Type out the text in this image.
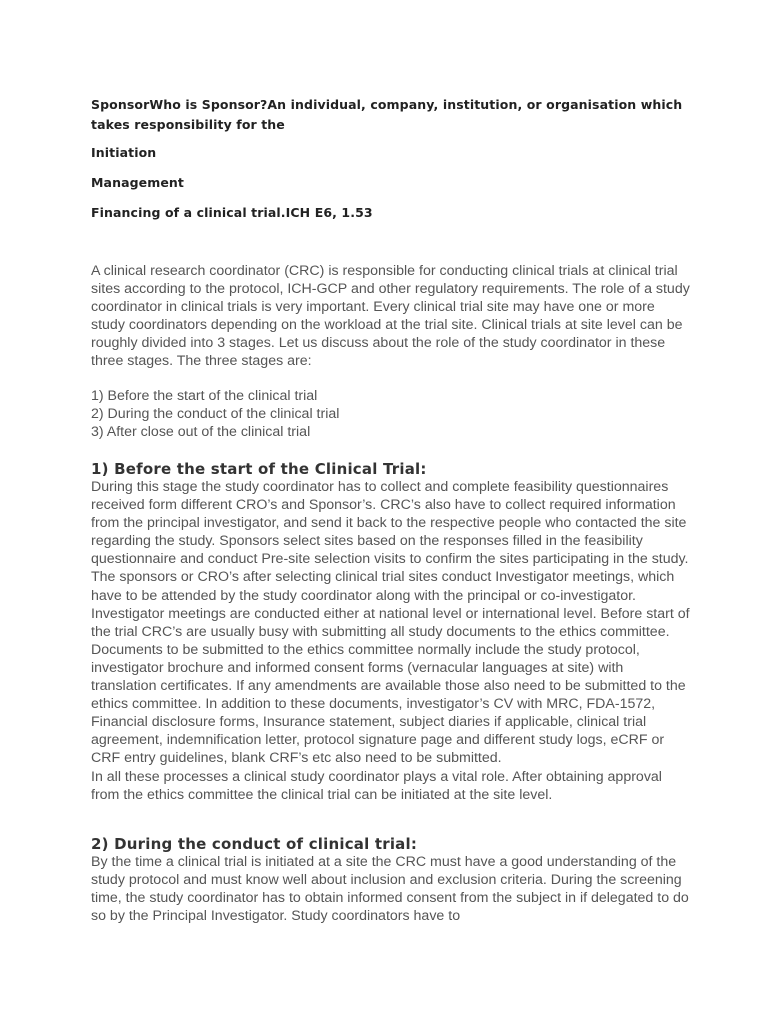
SponsorWho is Sponsor?An individual, company, institution, or organisation which takes responsibility for the

Initiation

Management

Financing of a clinical trial.ICH E6, 1.53

A clinical research coordinator (CRC) is responsible for conducting clinical trials at clinical trial sites according to the protocol, ICH-GCP and other regulatory requirements. The role of a study coordinator in clinical trials is very important. Every clinical trial site may have one or more study coordinators depending on the workload at the trial site. Clinical trials at site level can be roughly divided into 3 stages. Let us discuss about the role of the study coordinator in these three stages. The three stages are:

1) Before the start of the clinical trial

2) During the conduct of the clinical trial

3) After close out of the clinical trial

1) Before the start of the Clinical Trial:

During this stage the study coordinator has to collect and complete feasibility questionnaires received form different CRO’s and Sponsor’s. CRC’s also have to collect required information from the principal investigator, and send it back to the respective people who contacted the site regarding the study. Sponsors select sites based on the responses filled in the feasibility questionnaire and conduct Pre-site selection visits to confirm the sites participating in the study.

The sponsors or CRO’s after selecting clinical trial sites conduct Investigator meetings, which have to be attended by the study coordinator along with the principal or co-investigator. Investigator meetings are conducted either at national level or international level. Before start of the trial CRC’s are usually busy with submitting all study documents to the ethics committee. Documents to be submitted to the ethics committee normally include the study protocol, investigator brochure and informed consent forms (vernacular languages at site) with translation certificates. If any amendments are available those also need to be submitted to the ethics committee. In addition to these documents, investigator’s CV with MRC, FDA-1572, Financial disclosure forms, Insurance statement, subject diaries if applicable, clinical trial agreement, indemnification letter, protocol signature page and different study logs, eCRF or CRF entry guidelines, blank CRF’s etc also need to be submitted.

In all these processes a clinical study coordinator plays a vital role. After obtaining approval from the ethics committee the clinical trial can be initiated at the site level.

2) During the conduct of clinical trial:

By the time a clinical trial is initiated at a site the CRC must have a good understanding of the study protocol and must know well about inclusion and exclusion criteria. During the screening time, the study coordinator has to obtain informed consent from the subject in if delegated to do so by the Principal Investigator. Study coordinators have to
